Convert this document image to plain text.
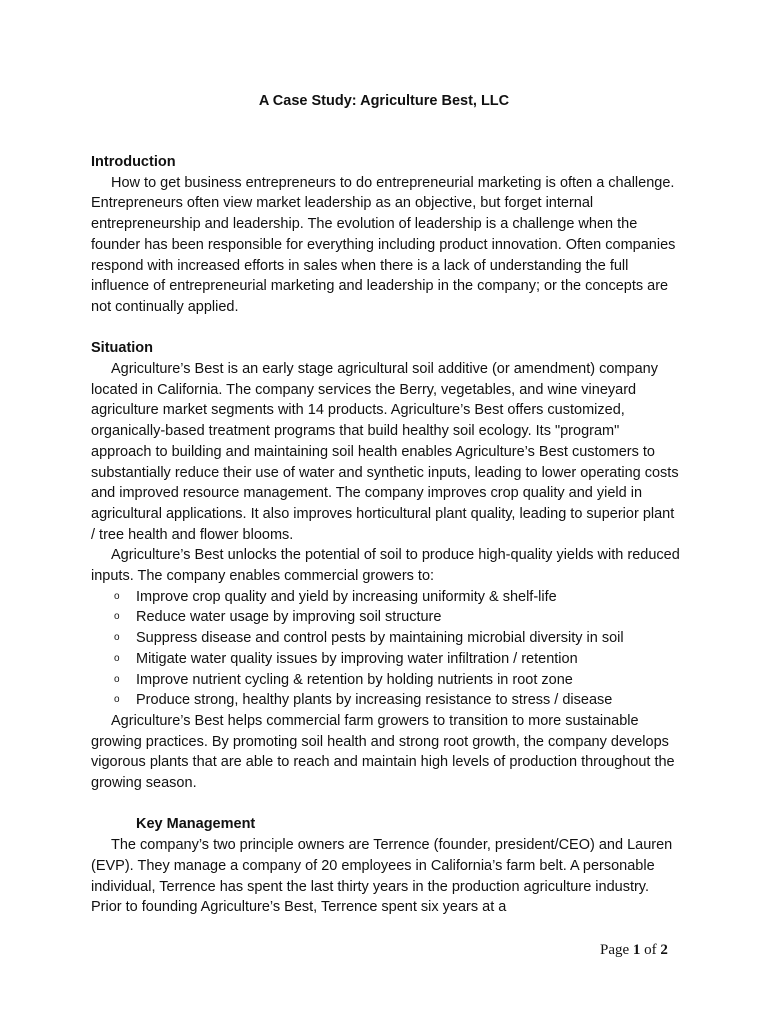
A Case Study: Agriculture Best, LLC

Introduction

How to get business entrepreneurs to do entrepreneurial marketing is often a challenge. Entrepreneurs often view market leadership as an objective, but forget internal entrepreneurship and leadership. The evolution of leadership is a challenge when the founder has been responsible for everything including product innovation. Often companies respond with increased efforts in sales when there is a lack of understanding the full influence of entrepreneurial marketing and leadership in the company; or the concepts are not continually applied.

Situation

Agriculture’s Best is an early stage agricultural soil additive (or amendment) company located in California. The company services the Berry, vegetables, and wine vineyard agriculture market segments with 14 products. Agriculture’s Best offers customized, organically-based treatment programs that build healthy soil ecology. Its "program" approach to building and maintaining soil health enables Agriculture’s Best customers to substantially reduce their use of water and synthetic inputs, leading to lower operating costs and improved resource management. The company improves crop quality and yield in agricultural applications. It also improves horticultural plant quality, leading to superior plant / tree health and flower blooms.

Agriculture’s Best unlocks the potential of soil to produce high-quality yields with reduced inputs. The company enables commercial growers to:

o Improve crop quality and yield by increasing uniformity & shelf-life
o Reduce water usage by improving soil structure
o Suppress disease and control pests by maintaining microbial diversity in soil
o Mitigate water quality issues by improving water infiltration / retention
o Improve nutrient cycling & retention by holding nutrients in root zone
o Produce strong, healthy plants by increasing resistance to stress / disease

Agriculture’s Best helps commercial farm growers to transition to more sustainable growing practices. By promoting soil health and strong root growth, the company develops vigorous plants that are able to reach and maintain high levels of production throughout the growing season.

Key Management

The company’s two principle owners are Terrence (founder, president/CEO) and Lauren (EVP). They manage a company of 20 employees in California’s farm belt. A personable individual, Terrence has spent the last thirty years in the production agriculture industry. Prior to founding Agriculture’s Best, Terrence spent six years at a

Page 1 of 2
